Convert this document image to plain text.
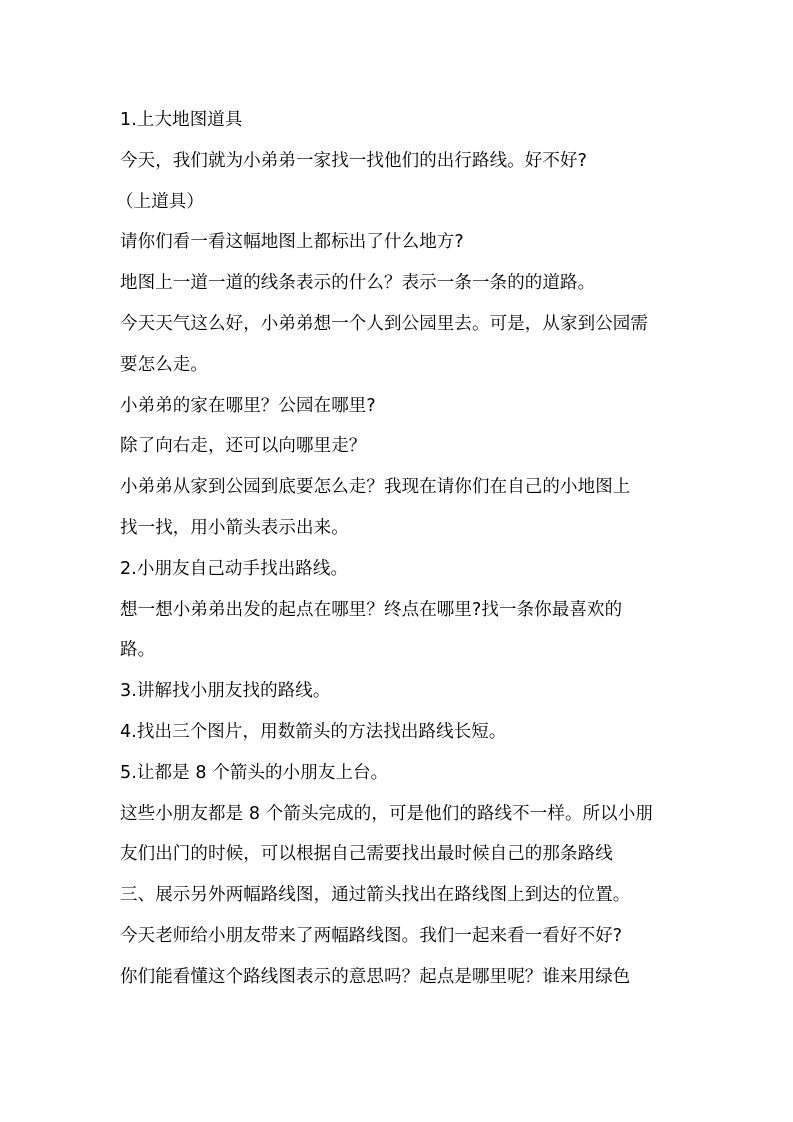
1.上大地图道具
今天，我们就为小弟弟一家找一找他们的出行路线。好不好?
（上道具）
请你们看一看这幅地图上都标出了什么地方?
地图上一道一道的线条表示的什么？表示一条一条的的道路。
今天天气这么好，小弟弟想一个人到公园里去。可是，从家到公园需
要怎么走。
小弟弟的家在哪里？公园在哪里?
除了向右走，还可以向哪里走？
小弟弟从家到公园到底要怎么走？我现在请你们在自己的小地图上
找一找，用小箭头表示出来。
2.小朋友自己动手找出路线。
想一想小弟弟出发的起点在哪里？终点在哪里?找一条你最喜欢的
路。
3.讲解找小朋友找的路线。
4.找出三个图片，用数箭头的方法找出路线长短。
5.让都是 8 个箭头的小朋友上台。
这些小朋友都是 8 个箭头完成的，可是他们的路线不一样。所以小朋
友们出门的时候，可以根据自己需要找出最时候自己的那条路线
三、展示另外两幅路线图，通过箭头找出在路线图上到达的位置。
今天老师给小朋友带来了两幅路线图。我们一起来看一看好不好?
你们能看懂这个路线图表示的意思吗？起点是哪里呢？谁来用绿色
